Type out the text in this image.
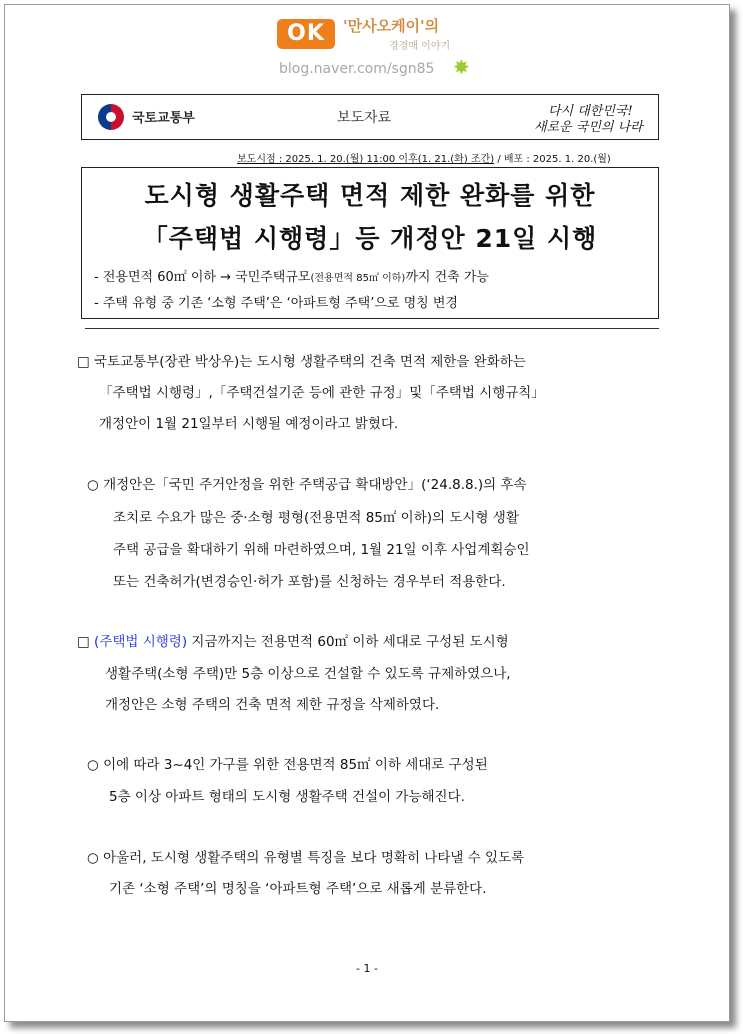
OK	'만사오케이'의
경경매 이야기
blog.naver.com/sgn85 ✸
국토교통부	보도자료	다시 대한민국!
새로운 국민의 나라
보도시점 : 2025. 1. 20.(월) 11:00 이후(1. 21.(화) 조간) / 배포 : 2025. 1. 20.(월)
도시형 생활주택 면적 제한 완화를 위한
「주택법 시행령」등 개정안 21일 시행
- 전용면적 60㎡ 이하 → 국민주택규모(전용면적 85㎡ 이하)까지 건축 가능
- 주택 유형 중 기존 ‘소형 주택’은 ‘아파트형 주택’으로 명칭 변경
□ 국토교통부(장관 박상우)는 도시형 생활주택의 건축 면적 제한을 완화하는
「주택법 시행령」,「주택건설기준 등에 관한 규정」및「주택법 시행규칙」
개정안이 1월 21일부터 시행될 예정이라고 밝혔다.
○ 개정안은「국민 주거안정을 위한 주택공급 확대방안」(‘24.8.8.)의 후속
조치로 수요가 많은 중·소형 평형(전용면적 85㎡ 이하)의 도시형 생활
주택 공급을 확대하기 위해 마련하였으며, 1월 21일 이후 사업계획승인
또는 건축허가(변경승인·허가 포함)를 신청하는 경우부터 적용한다.
□ (주택법 시행령) 지금까지는 전용면적 60㎡ 이하 세대로 구성된 도시형
생활주택(소형 주택)만 5층 이상으로 건설할 수 있도록 규제하였으나,
개정안은 소형 주택의 건축 면적 제한 규정을 삭제하였다.
○ 이에 따라 3~4인 가구를 위한 전용면적 85㎡ 이하 세대로 구성된
5층 이상 아파트 형태의 도시형 생활주택 건설이 가능해진다.
○ 아울러, 도시형 생활주택의 유형별 특징을 보다 명확히 나타낼 수 있도록
기존 ‘소형 주택’의 명칭을 ‘아파트형 주택’으로 새롭게 분류한다.
- 1 -
